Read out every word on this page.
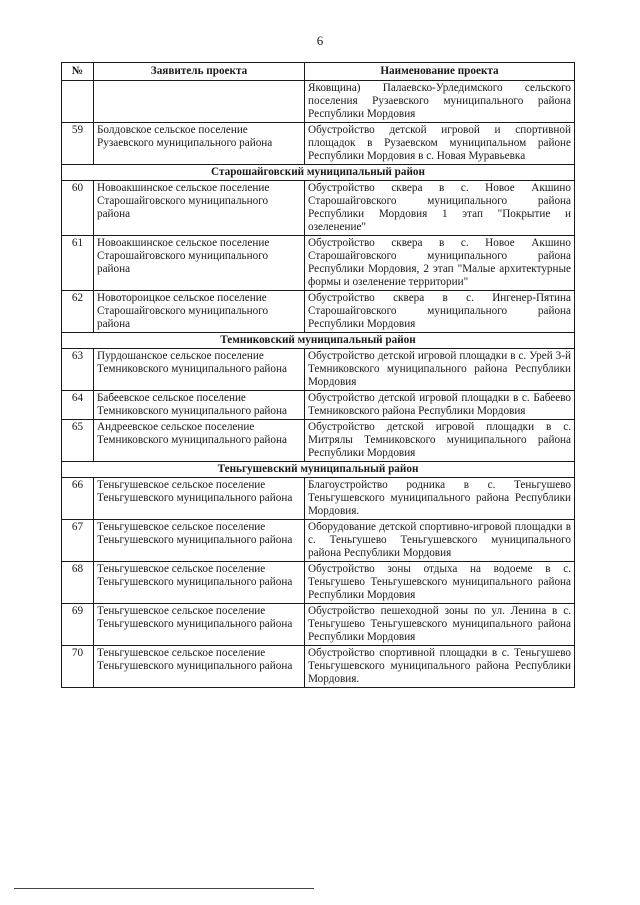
6
№	Заявитель проекта	Наименование проекта
		Яковщина) Палаевско-Урледимского сельского поселения Рузаевского муниципального района Республики Мордовия
59	Болдовское сельское поселение Рузаевского муниципального района	Обустройство детской игровой и спортивной площадок в Рузаевском муниципальном районе Республики Мордовия в с. Новая Муравьевка
Старошайговский муниципальный район		
60	Новоакшинское сельское поселение Старошайговского муниципального района	Обустройство сквера в с. Новое Акшино Старошайговского муниципального района Республики Мордовия 1 этап "Покрытие и озеленение"
61	Новоакшинское сельское поселение Старошайговского муниципального района	Обустройство сквера в с. Новое Акшино Старошайговского муниципального района Республики Мордовия, 2 этап "Малые архитектурные формы и озеленение территории"
62	Новотороицкое сельское поселение Старошайговского муниципального района	Обустройство сквера в с. Ингенер-Пятина Старошайговского муниципального района Республики Мордовия
Темниковский муниципальный район		
63	Пурдошанское сельское поселение Темниковского муниципального района	Обустройство детской игровой площадки в с. Урей 3-й Темниковского муниципального района Республики Мордовия
64	Бабеевское сельское поселение Темниковского муниципального района	Обустройство детской игровой площадки в с. Бабеево Темниковского района Республики Мордовия
65	Андреевское сельское поселение Темниковского муниципального района	Обустройство детской игровой площадки в с. Митрялы Темниковского муниципального района Республики Мордовия
Теньгушевский муниципальный район		
66	Теньгушевское сельское поселение Теньгушевского муниципального района	Благоустройство родника в с. Теньгушево Теньгушевского муниципального района Республики Мордовия.
67	Теньгушевское сельское поселение Теньгушевского муниципального района	Оборудование детской спортивно-игровой площадки в с. Теньгушево Теньгушевского муниципального района Республики Мордовия
68	Теньгушевское сельское поселение Теньгушевского муниципального района	Обустройство зоны отдыха на водоеме в с. Теньгушево Теньгушевского муниципального района Республики Мордовия
69	Теньгушевское сельское поселение Теньгушевского муниципального района	Обустройство пешеходной зоны по ул. Ленина в с. Теньгушево Теньгушевского муниципального района Республики Мордовия
70	Теньгушевское сельское поселение Теньгушевского муниципального района	Обустройство спортивной площадки в с. Теньгушево Теньгушевского муниципального района Республики Мордовия.
